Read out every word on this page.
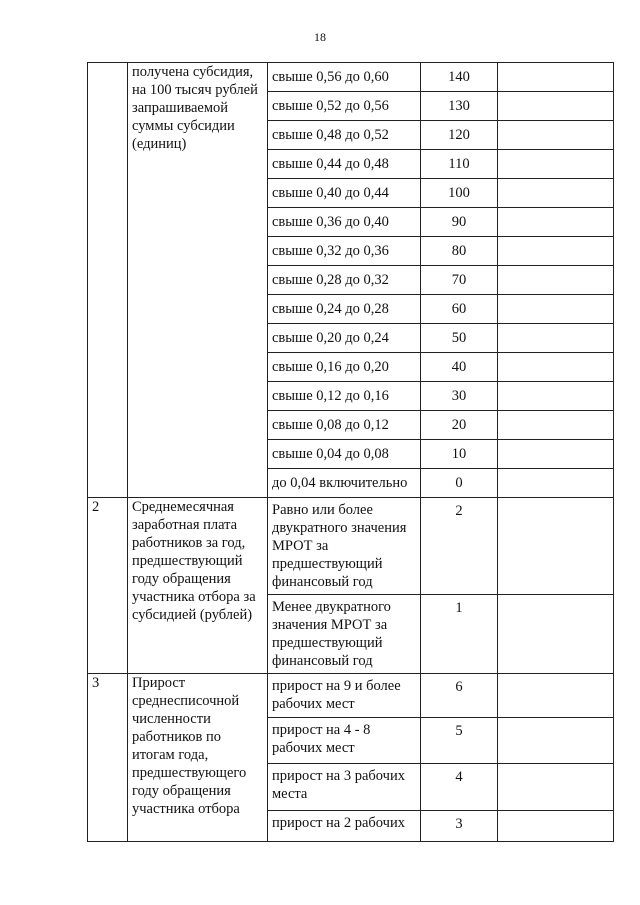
18
	получена субсидия, на 100 тысяч рублей запрашиваемой суммы субсидии (единиц)	свыше 0,56 до 0,60	140	
		свыше 0,52 до 0,56	130	
		свыше 0,48 до 0,52	120	
		свыше 0,44 до 0,48	110	
		свыше 0,40 до 0,44	100	
		свыше 0,36 до 0,40	90	
		свыше 0,32 до 0,36	80	
		свыше 0,28 до 0,32	70	
		свыше 0,24 до 0,28	60	
		свыше 0,20 до 0,24	50	
		свыше 0,16 до 0,20	40	
		свыше 0,12 до 0,16	30	
		свыше 0,08 до 0,12	20	
		свыше 0,04 до 0,08	10	
		до 0,04 включительно	0	
2	Среднемесячная заработная плата работников за год, предшествующий году обращения участника отбора за субсидией (рублей)	Равно или более двукратного значения МРОТ за предшествующий финансовый год	2	
		Менее двукратного значения МРОТ за предшествующий финансовый год	1	
3	Прирост среднесписочной численности работников по итогам года, предшествующего году обращения участника отбора	прирост на 9 и более рабочих мест	6	
		прирост на 4 - 8 рабочих мест	5	
		прирост на 3 рабочих места	4	
		прирост на 2 рабочих	3	
